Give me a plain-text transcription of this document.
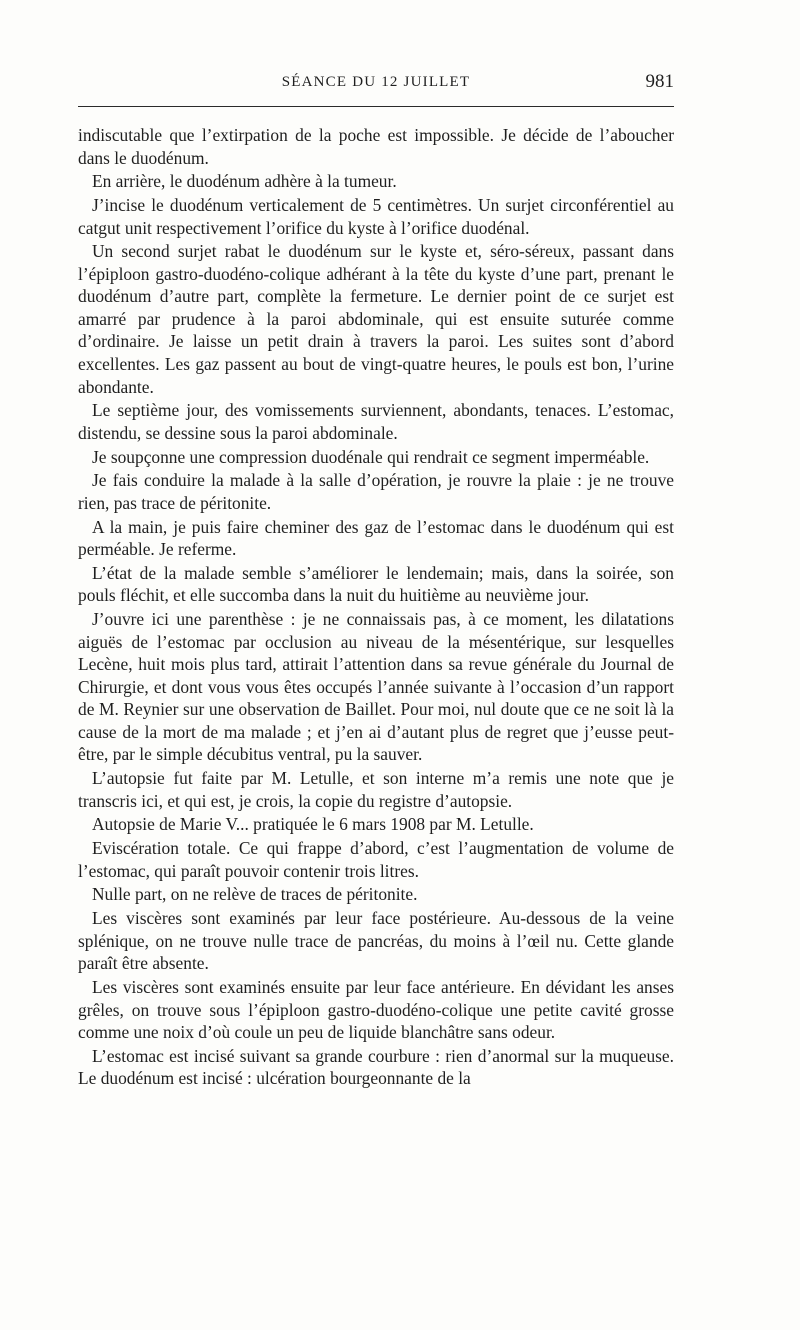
SÉANCE DU 12 JUILLET	981

indiscutable que l’extirpation de la poche est impossible. Je décide de l’aboucher dans le duodénum.

En arrière, le duodénum adhère à la tumeur.

J’incise le duodénum verticalement de 5 centimètres. Un surjet circonférentiel au catgut unit respectivement l’orifice du kyste à l’orifice duodénal.

Un second surjet rabat le duodénum sur le kyste et, séro-séreux, passant dans l’épiploon gastro-duodéno-colique adhérant à la tête du kyste d’une part, prenant le duodénum d’autre part, complète la fermeture. Le dernier point de ce surjet est amarré par prudence à la paroi abdominale, qui est ensuite suturée comme d’ordinaire. Je laisse un petit drain à travers la paroi. Les suites sont d’abord excellentes. Les gaz passent au bout de vingt-quatre heures, le pouls est bon, l’urine abondante.

Le septième jour, des vomissements surviennent, abondants, tenaces. L’estomac, distendu, se dessine sous la paroi abdominale.

Je soupçonne une compression duodénale qui rendrait ce segment imperméable.

Je fais conduire la malade à la salle d’opération, je rouvre la plaie : je ne trouve rien, pas trace de péritonite.

A la main, je puis faire cheminer des gaz de l’estomac dans le duodénum qui est perméable. Je referme.

L’état de la malade semble s’améliorer le lendemain; mais, dans la soirée, son pouls fléchit, et elle succomba dans la nuit du huitième au neuvième jour.

J’ouvre ici une parenthèse : je ne connaissais pas, à ce moment, les dilatations aiguës de l’estomac par occlusion au niveau de la mésentérique, sur lesquelles Lecène, huit mois plus tard, attirait l’attention dans sa revue générale du Journal de Chirurgie, et dont vous vous êtes occupés l’année suivante à l’occasion d’un rapport de M. Reynier sur une observation de Baillet. Pour moi, nul doute que ce ne soit là la cause de la mort de ma malade ; et j’en ai d’autant plus de regret que j’eusse peut-être, par le simple décubitus ventral, pu la sauver.

L’autopsie fut faite par M. Letulle, et son interne m’a remis une note que je transcris ici, et qui est, je crois, la copie du registre d’autopsie.

Autopsie de Marie V... pratiquée le 6 mars 1908 par M. Letulle.

Eviscération totale. Ce qui frappe d’abord, c’est l’augmentation de volume de l’estomac, qui paraît pouvoir contenir trois litres.

Nulle part, on ne relève de traces de péritonite.

Les viscères sont examinés par leur face postérieure. Au-dessous de la veine splénique, on ne trouve nulle trace de pancréas, du moins à l’œil nu. Cette glande paraît être absente.

Les viscères sont examinés ensuite par leur face antérieure. En dévidant les anses grêles, on trouve sous l’épiploon gastro-duodéno-colique une petite cavité grosse comme une noix d’où coule un peu de liquide blanchâtre sans odeur.

L’estomac est incisé suivant sa grande courbure : rien d’anormal sur la muqueuse. Le duodénum est incisé : ulcération bourgeonnante de la
